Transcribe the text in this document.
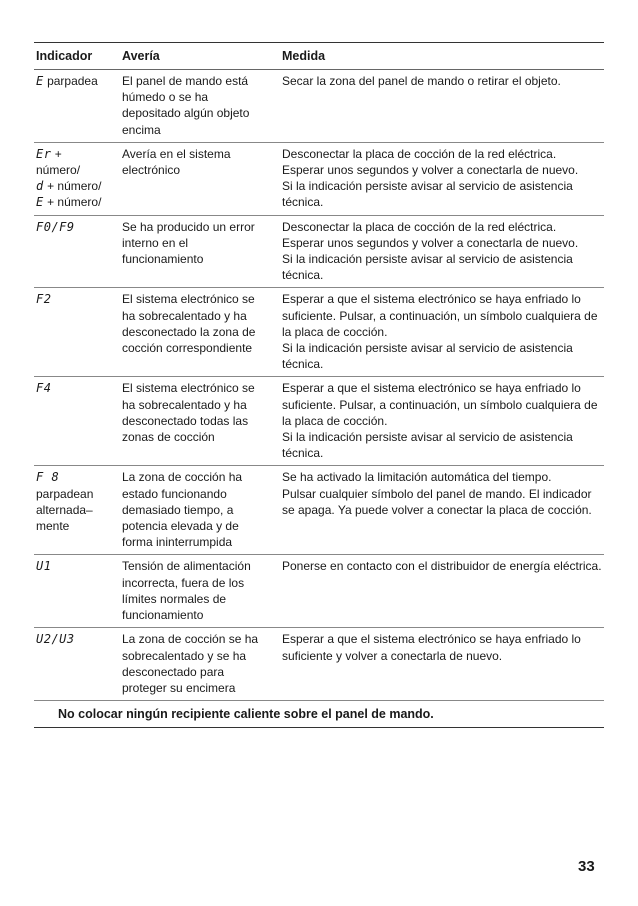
Indicador	Avería	Medida

E parpadea	El panel de mando está húmedo o se ha depositado algún objeto encima	Secar la zona del panel de mando o retirar el objeto.

Er +
número/
d + número/
E + número/	Avería en el sistema electrónico	Desconectar la placa de cocción de la red eléctrica.
Esperar unos segundos y volver a conectarla de nuevo.
Si la indicación persiste avisar al servicio de asistencia técnica.

F0/F9	Se ha producido un error interno en el funcionamiento	Desconectar la placa de cocción de la red eléctrica.
Esperar unos segundos y volver a conectarla de nuevo.
Si la indicación persiste avisar al servicio de asistencia técnica.

F2	El sistema electrónico se ha sobrecalentado y ha desconectado la zona de cocción correspondiente	Esperar a que el sistema electrónico se haya enfriado lo suficiente. Pulsar, a continuación, un símbolo cualquiera de la placa de cocción.
Si la indicación persiste avisar al servicio de asistencia técnica.

F4	El sistema electrónico se ha sobrecalentado y ha desconectado todas las zonas de cocción	Esperar a que el sistema electrónico se haya enfriado lo suficiente. Pulsar, a continuación, un símbolo cualquiera de la placa de cocción.
Si la indicación persiste avisar al servicio de asistencia técnica.

F 8
parpadean
alternada–
mente	La zona de cocción ha estado funcionando demasiado tiempo, a potencia elevada y de forma ininterrumpida	Se ha activado la limitación automática del tiempo.
Pulsar cualquier símbolo del panel de mando. El indicador se apaga. Ya puede volver a conectar la placa de cocción.

U1	Tensión de alimentación incorrecta, fuera de los límites normales de funcionamiento	Ponerse en contacto con el distribuidor de energía eléctrica.

U2/U3	La zona de cocción se ha sobrecalentado y se ha desconectado para proteger su encimera	Esperar a que el sistema electrónico se haya enfriado lo suficiente y volver a conectarla de nuevo.
No colocar ningún recipiente caliente sobre el panel de mando.
33
